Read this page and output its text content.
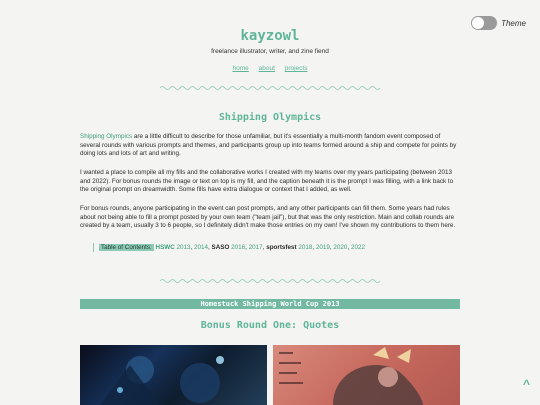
Theme
kayzowl
freelance illustrator, writer, and zine fiend
home about projects
Shipping Olympics

Shipping Olympics are a little difficult to describe for those unfamiliar, but it's essentially a multi-month fandom event composed of several rounds with various prompts and themes, and participants group up into teams formed around a ship and compete for points by doing lots and lots of art and writing.

I wanted a place to compile all my fills and the collaborative works I created with my teams over my years participating (between 2013 and 2022). For bonus rounds the image or text on top is my fill, and the caption beneath it is the prompt I was filling, with a link back to the original prompt on dreamwidth. Some fills have extra dialogue or context that I added, as well.

For bonus rounds, anyone participating in the event can post prompts, and any other participants can fill them. Some years had rules about not being able to fill a prompt posted by your own team ("team jail"), but that was the only restriction. Main and collab rounds are created by a team, usually 3 to 6 people, so I definitely didn't make those entries on my own! I've shown my contributions to them here.

Table of Contents: HSWC 2013, 2014, SASO 2016, 2017, sportsfest 2018, 2019, 2020, 2022
Homestuck Shipping World Cup 2013
Bonus Round One: Quotes
^
